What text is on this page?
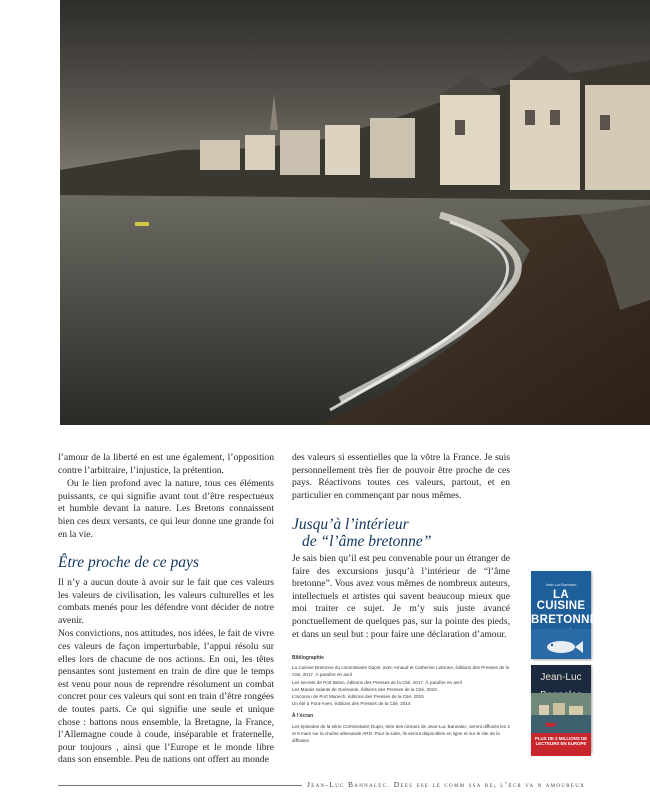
l’amour de la liberté en est une également, l’opposition contre l’arbitraire, l’injustice, la prétention.

Ou le lien profond avec la nature, tous ces éléments puissants, ce qui signifie avant tout d’être respectueux et humble devant la nature. Les Bretons connaissent bien ces deux versants, ce qui leur donne une grande foi en la vie.

Être proche de ce pays

Il n’y a aucun doute à avoir sur le fait que ces valeurs les valeurs de civilisation, les valeurs culturelles et les combats menés pour les défendre vont décider de notre avenir.

Nos convictions, nos attitudes, nos idées, le fait de vivre ces valeurs de façon imperturbable, l’appui résolu sur elles lors de chacune de nos actions. En oui, les têtes pensantes sont justement en train de dire que le temps est venu pour nous de reprendre résolument un combat concret pour ces valeurs qui sont en train d’être rongées de toutes parts. Ce qui signifie une seule et unique chose : battons nous ensemble, la Bretagne, la France, l’Allemagne coude à coude, inséparable et fraternelle, pour toujours , ainsi que l’Europe et le monde libre dans son ensemble. Peu de nations ont offert au monde

des valeurs si essentielles que la vôtre la France. Je suis personnellement très fier de pouvoir être proche de ces pays. Réactivons toutes ces valeurs, partout, et en particulier en commençant par nous mêmes.

Jusqu’à l’intérieur
de “l’âme bretonne”

Je sais bien qu’il est peu convenable pour un étranger de faire des excursions jusqu’à l’intérieur de “l’âme bretonne”. Vous avez vous mêmes de nombreux auteurs, intellectuels et artistes qui savent beaucoup mieux que moi traiter ce sujet. Je m’y suis juste avancé ponctuellement de quelques pas, sur la pointe des pieds, et dans un seul but : pour faire une déclaration d’amour.

Bibliographie

La Cuisine Bretonne du commissaire Dupin, avec Arnaud et Catherine Lebrune, éditions des Presses de la Cité, 2017. À paraître en avril

Les secrets de Port Belon, éditions des Presses de la Cité, 2017. À paraître en avril

Les Marais salants de Guérande, éditions des Presses de la Cité, 2016

L’Inconnu de Port Manech, éditions des Presses de la Cité, 2015

Un été à Pont-Aven, éditions des Presses de la Cité, 2014

À l’écran

Les épisodes de la série Commissaire Dupin, tirée des romans de Jean-Luc Bannalec, seront diffusés les 2 et 9 mars sur la chaîne allemande ARD. Pour la suite, ils seront disponibles en ligne et sur le site de la diffusion.

Jean-Luc Bannalec
LA CUISINE
BRETONNE
Jean-Luc
PLUS DE 2 MILLIONS DE LECTEURS EN EUROPE
Jean-Luc Bannalec. Dees ese le comm ssa re, l’écr va n amoureux
